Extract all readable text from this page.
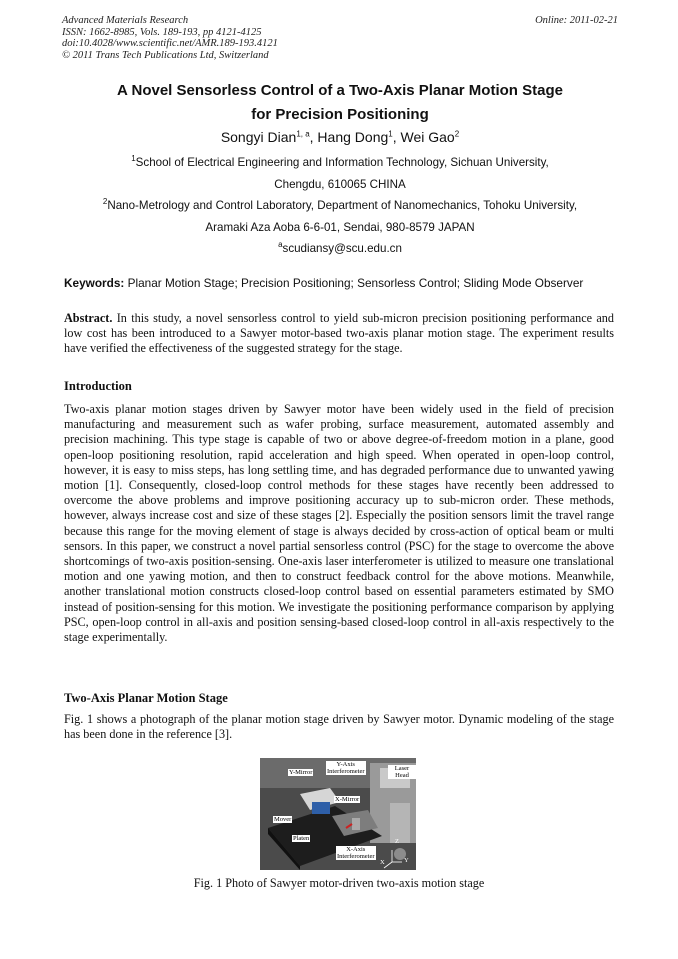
Advanced Materials Research
ISSN: 1662-8985, Vols. 189-193, pp 4121-4125
doi:10.4028/www.scientific.net/AMR.189-193.4121
© 2011 Trans Tech Publications Ltd, Switzerland
Online: 2011-02-21
A Novel Sensorless Control of a Two-Axis Planar Motion Stage
for Precision Positioning
Songyi Dian$^{1, a}$, Hang Dong$^1$, Wei Gao$^2$
$^1$School of Electrical Engineering and Information Technology, Sichuan University,
Chengdu, 610065 CHINA
$^2$Nano-Metrology and Control Laboratory, Department of Nanomechanics, Tohoku University,
Aramaki Aza Aoba 6-6-01, Sendai, 980-8579 JAPAN
$^a$scudiansy@scu.edu.cn
Keywords: Planar Motion Stage; Precision Positioning; Sensorless Control; Sliding Mode Observer
Abstract. In this study, a novel sensorless control to yield sub-micron precision positioning performance and low cost has been introduced to a Sawyer motor-based two-axis planar motion stage. The experiment results have verified the effectiveness of the suggested strategy for the stage.
Introduction
Two-axis planar motion stages driven by Sawyer motor have been widely used in the field of precision manufacturing and measurement such as wafer probing, surface measurement, automated assembly and precision machining. This type stage is capable of two or above degree-of-freedom motion in a plane, good open-loop positioning resolution, rapid acceleration and high speed. When operated in open-loop control, however, it is easy to miss steps, has long settling time, and has degraded performance due to unwanted yawing motion [1]. Consequently, closed-loop control methods for these stages have recently been addressed to overcome the above problems and improve positioning accuracy up to sub-micron order. These methods, however, always increase cost and size of these stages [2]. Especially the position sensors limit the travel range because this range for the moving element of stage is always decided by cross-action of optical beam or multi sensors. In this paper, we construct a novel partial sensorless control (PSC) for the stage to overcome the above shortcomings of two-axis position-sensing. One-axis laser interferometer is utilized to measure one translational motion and one yawing motion, and then to construct feedback control for the above motions. Meanwhile, another translational motion constructs closed-loop control based on essential parameters estimated by SMO instead of position-sensing for this motion. We investigate the positioning performance comparison by applying PSC, open-loop control in all-axis and position sensing-based closed-loop control in all-axis respectively to the stage experimentally.
Two-Axis Planar Motion Stage
Fig. 1 shows a photograph of the planar motion stage driven by Sawyer motor. Dynamic modeling of the stage has been done in the reference [3].
Y-Mirror
Y-Axis
Interferometer	Laser Head
X-Mirror
Mover
Platen
X-Axis
Interferometer
Z
Y
X
Fig. 1 Photo of Sawyer motor-driven two-axis motion stage
